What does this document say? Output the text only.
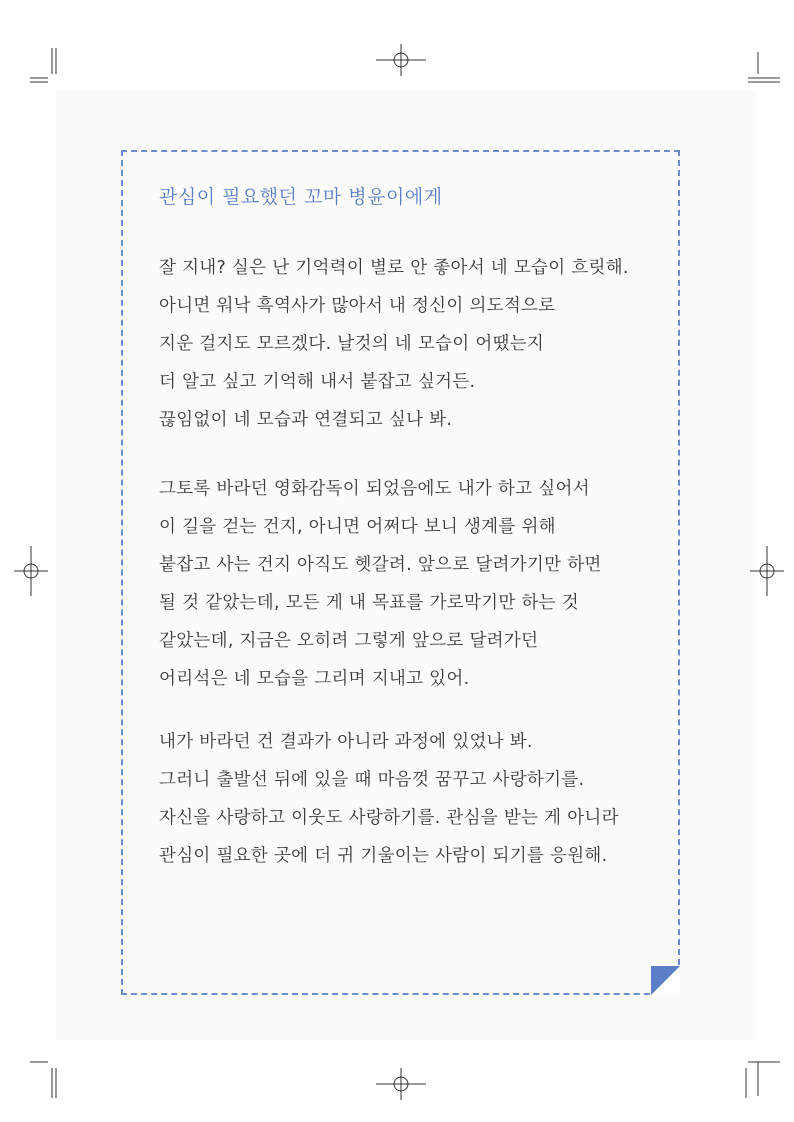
관심이 필요했던 꼬마 병윤이에게
잘 지내? 실은 난 기억력이 별로 안 좋아서 네 모습이 흐릿해.
아니면 워낙 흑역사가 많아서 내 정신이 의도적으로
지운 걸지도 모르겠다. 날것의 네 모습이 어땠는지
더 알고 싶고 기억해 내서 붙잡고 싶거든.
끊임없이 네 모습과 연결되고 싶나 봐.
그토록 바라던 영화감독이 되었음에도 내가 하고 싶어서
이 길을 걷는 건지, 아니면 어쩌다 보니 생계를 위해
붙잡고 사는 건지 아직도 헷갈려. 앞으로 달려가기만 하면
될 것 같았는데, 모든 게 내 목표를 가로막기만 하는 것
같았는데, 지금은 오히려 그렇게 앞으로 달려가던
어리석은 네 모습을 그리며 지내고 있어.
내가 바라던 건 결과가 아니라 과정에 있었나 봐.
그러니 출발선 뒤에 있을 때 마음껏 꿈꾸고 사랑하기를.
자신을 사랑하고 이웃도 사랑하기를. 관심을 받는 게 아니라
관심이 필요한 곳에 더 귀 기울이는 사람이 되기를 응원해.
